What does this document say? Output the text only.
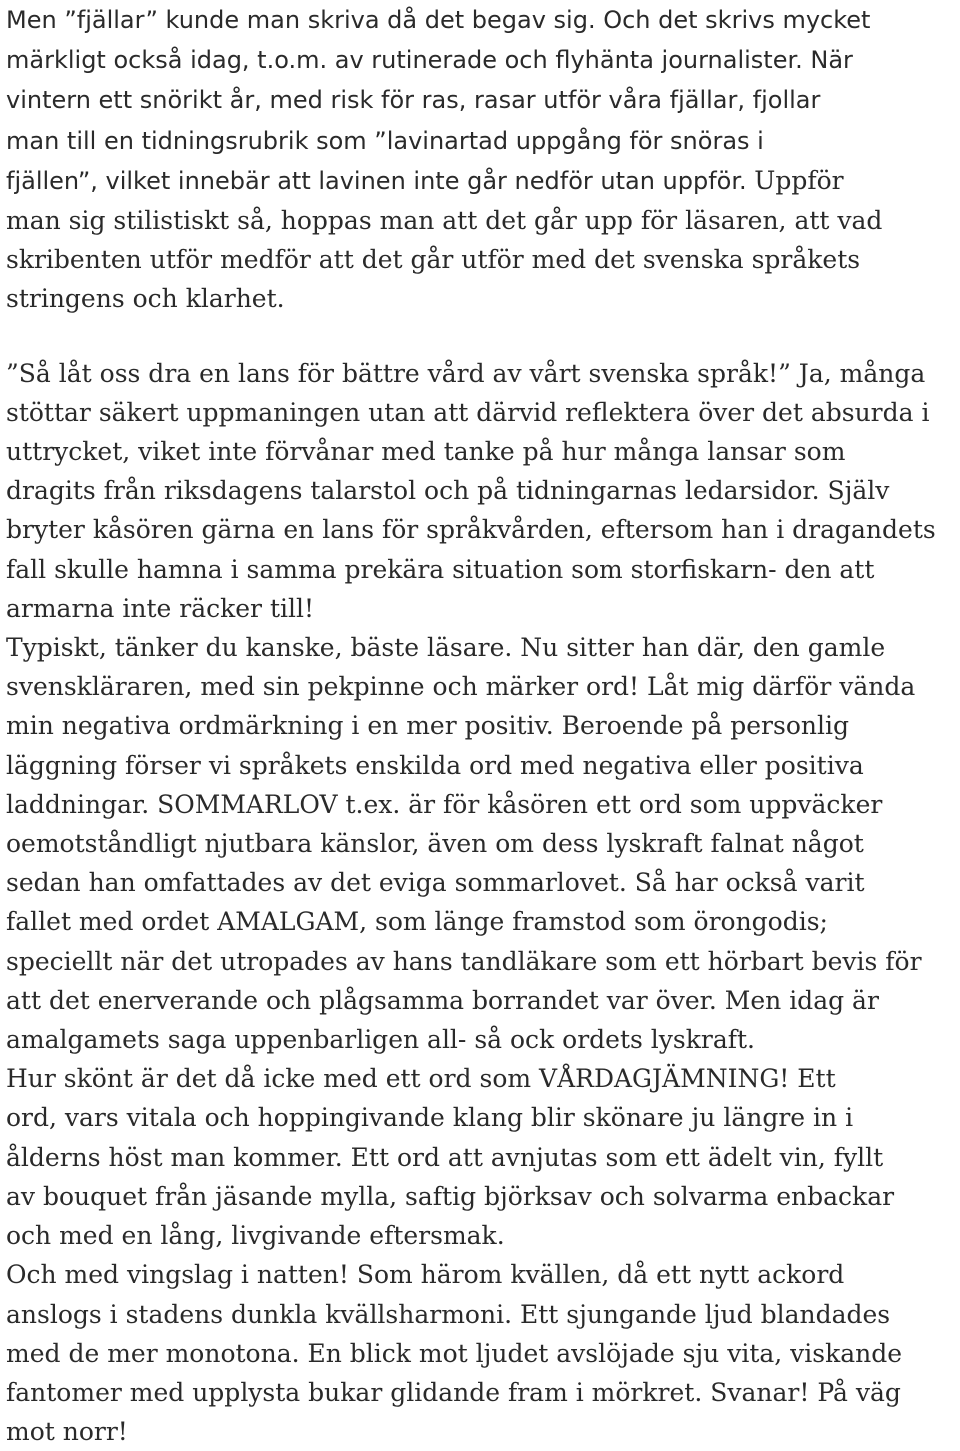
Men ”fjällar” kunde man skriva då det begav sig. Och det skrivs mycket
märkligt också idag, t.o.m. av rutinerade och flyhänta journalister. När
vintern ett snörikt år, med risk för ras, rasar utför våra fjällar, fjollar
man till en tidningsrubrik som ”lavinartad uppgång för snöras i
fjällen”, vilket innebär att lavinen inte går nedför utan uppför. Uppför
man sig stilistiskt så, hoppas man att det går upp för läsaren, att vad
skribenten utför medför att det går utför med det svenska språkets
stringens och klarhet.

”Så låt oss dra en lans för bättre vård av vårt svenska språk!” Ja, många
stöttar säkert uppmaningen utan att därvid reflektera över det absurda i
uttrycket, viket inte förvånar med tanke på hur många lansar som
dragits från riksdagens talarstol och på tidningarnas ledarsidor. Själv
bryter kåsören gärna en lans för språkvården, eftersom han i dragandets
fall skulle hamna i samma prekära situation som storfiskarn- den att
armarna inte räcker till!

Typiskt, tänker du kanske, bäste läsare. Nu sitter han där, den gamle
svenskläraren, med sin pekpinne och märker ord! Låt mig därför vända
min negativa ordmärkning i en mer positiv. Beroende på personlig
läggning förser vi språkets enskilda ord med negativa eller positiva
laddningar. SOMMARLOV t.ex. är för kåsören ett ord som uppväcker
oemotståndligt njutbara känslor, även om dess lyskraft falnat något
sedan han omfattades av det eviga sommarlovet. Så har också varit
fallet med ordet AMALGAM, som länge framstod som örongodis;
speciellt när det utropades av hans tandläkare som ett hörbart bevis för
att det enerverande och plågsamma borrandet var över. Men idag är
amalgamets saga uppenbarligen all- så ock ordets lyskraft.

Hur skönt är det då icke med ett ord som VÅRDAGJÄMNING! Ett
ord, vars vitala och hoppingivande klang blir skönare ju längre in i
ålderns höst man kommer. Ett ord att avnjutas som ett ädelt vin, fyllt
av bouquet från jäsande mylla, saftig björksav och solvarma enbackar
och med en lång, livgivande eftersmak.

Och med vingslag i natten! Som härom kvällen, då ett nytt ackord
anslogs i stadens dunkla kvällsharmoni. Ett sjungande ljud blandades
med de mer monotona. En blick mot ljudet avslöjade sju vita, viskande
fantomer med upplysta bukar glidande fram i mörkret. Svanar! På väg
mot norr!
